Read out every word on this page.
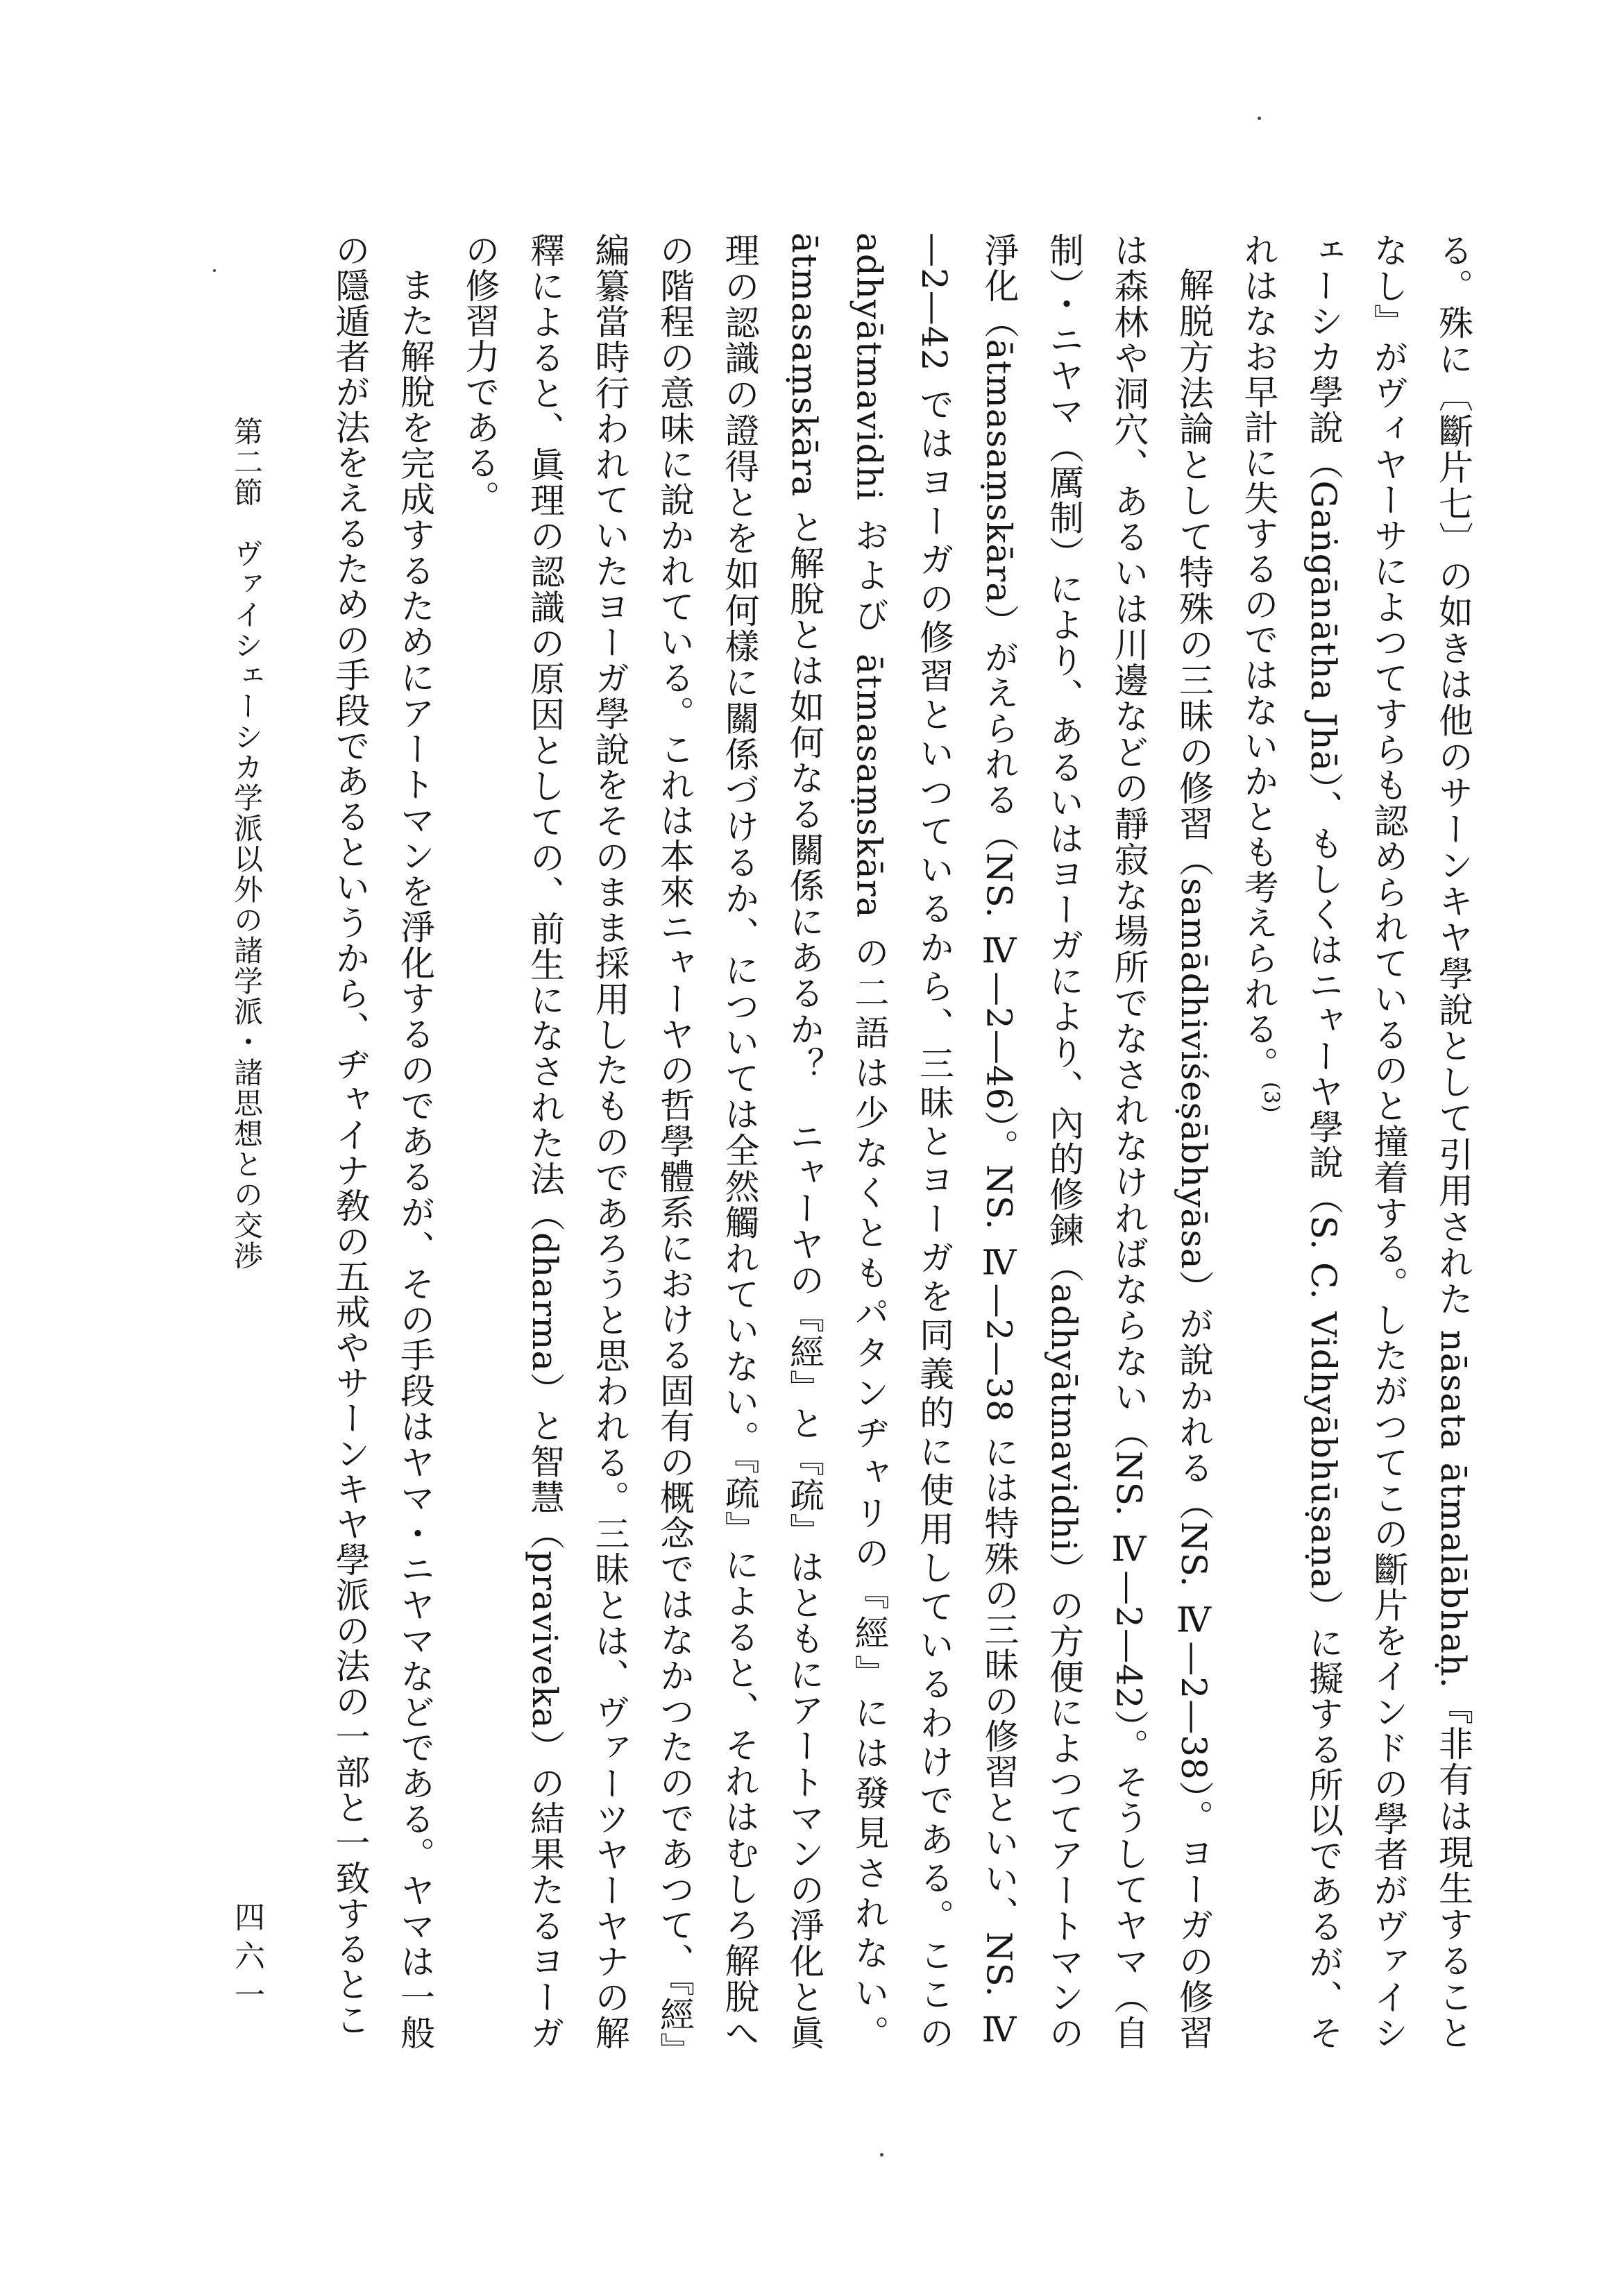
る。殊に〔斷片七〕の如きは他のサーンキヤ學說として引用された nāsata ātmalābhaḥ.『非有は現生することなし』がヴィヤーサによつてすらも認められているのと撞着する。したがつてこの斷片をインドの學者がヴァイシェーシカ學說（Gaṅgānātha Jhā）、もしくはニャーヤ學說（S. C. Vidhyābhūṣaṇa）に擬する所以であるが、それはなお早計に失するのではないかとも考えられる。$^{(3)}$

解脱方法論として特殊の三昧の修習（samādhiviśeṣābhyāsa）が說かれる（NS. Ⅳ—2—38）。ヨーガの修習は森林や洞穴、あるいは川邊などの靜寂な場所でなされなければならない（NS. Ⅳ—2—42）。そうしてヤマ（自制）・ニヤマ（厲制）により、あるいはヨーガにより、內的修鍊（adhyātmavidhi）の方便によつてアートマンの淨化（ātmasaṃskāra）がえられる（NS. Ⅳ—2—46）。NS. Ⅳ—2—38 には特殊の三昧の修習といい、NS. Ⅳ—2—42 ではヨーガの修習といつているから、三昧とヨーガを同義的に使用しているわけである。ここの adhyātmavidhi および ātmasaṃskāra の二語は少なくともパタンヂャリの『經』には發見されない。ātmasaṃskāra と解脫とは如何なる關係にあるか？　ニャーヤの『經』と『疏』はともにアートマンの淨化と眞理の認識の證得とを如何樣に關係づけるか、については全然觸れていない。『疏』によると、それはむしろ解脫への階程の意味に說かれている。これは本來ニャーヤの哲學體系における固有の概念ではなかつたのであつて、『經』編纂當時行われていたヨーガ學說をそのまま採用したものであろうと思われる。三昧とは、ヴァーツヤーヤナの解釋によると、眞理の認識の原因としての、前生になされた法（dharma）と智慧（praviveka）の結果たるヨーガの修習力である。

また解脫を完成するためにアートマンを淨化するのであるが、その手段はヤマ・ニヤマなどである。ヤマは一般の隱遁者が法をえるための手段であるというから、ヂャイナ敎の五戒やサーンキヤ學派の法の一部と一致するとこ

第二節　ヴァイシェーシカ学派以外の諸学派・諸思想との交渉
四六一
